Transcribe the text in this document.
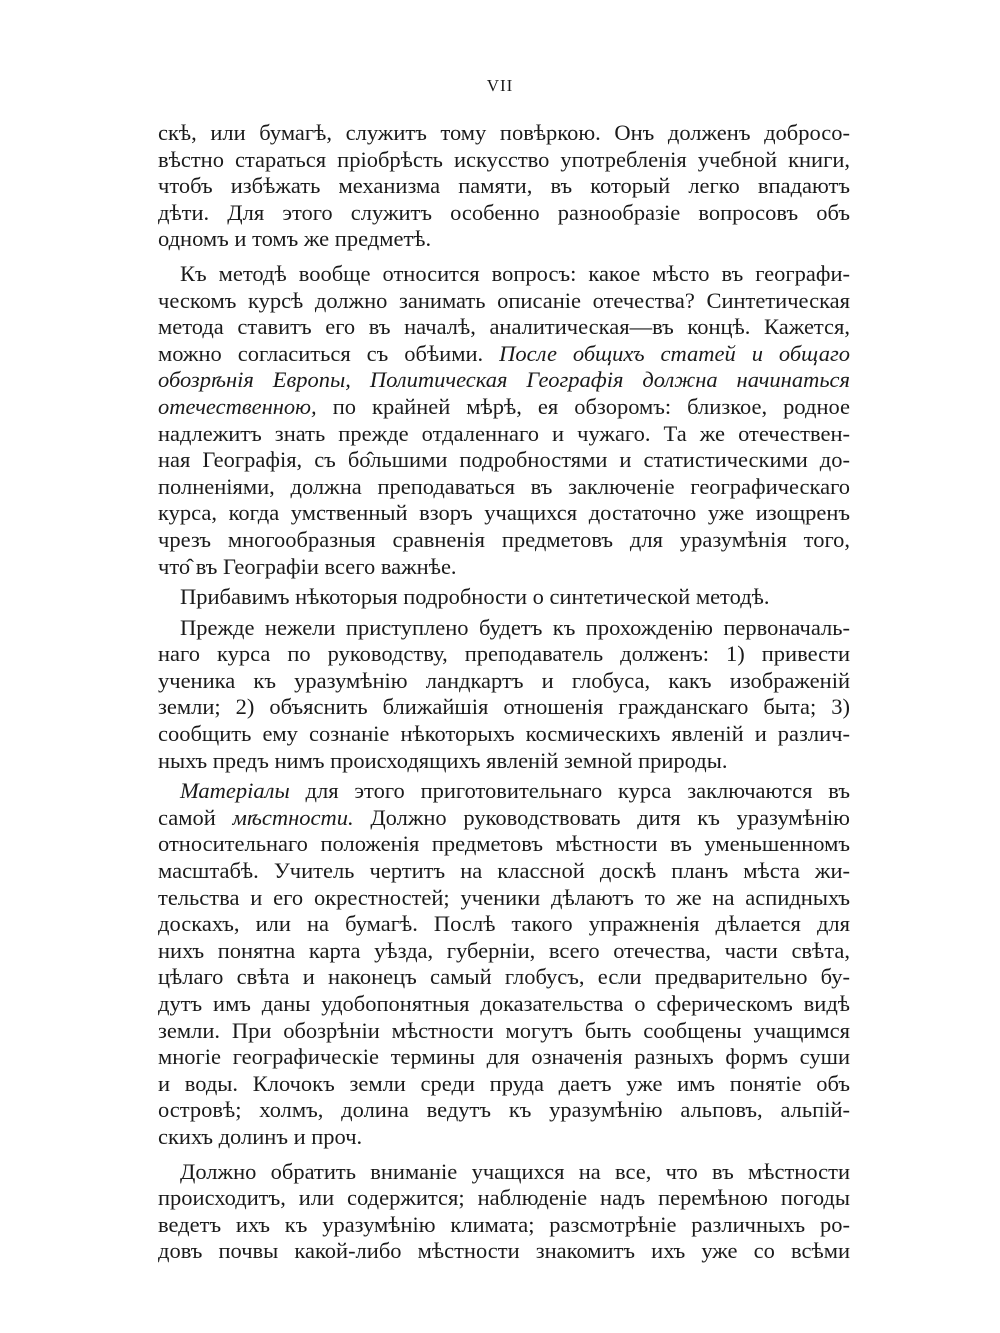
VII
скѣ, или бумагѣ, служитъ тому повѣркою. Онъ долженъ добросо-
вѣстно стараться пріобрѣсть искусство употребленія учебной книги,
чтобъ избѣжать механизма памяти, въ который легко впадаютъ
дѣти. Для этого служитъ особенно разнообразіе вопросовъ объ
одномъ и томъ же предметѣ.
Къ методѣ вообще относится вопросъ: какое мѣсто въ географи-
ческомъ курсѣ должно занимать описаніе отечества? Синтетическая
метода ставитъ его въ началѣ, аналитическая—въ концѣ. Кажется,
можно согласиться съ обѣими. После общихъ статей и общаго
обозрѣнія Европы, Политическая Географія должна начинаться
отечественною, по крайней мѣрѣ, ея обзоромъ: близкое, родное
надлежитъ знать прежде отдаленнаго и чужаго. Та же отечествен-
ная Географія, съ бо̂льшими подробностями и статистическими до-
полненіями, должна преподаваться въ заключеніе географическаго
курса, когда умственный взоръ учащихся достаточно уже изощренъ
чрезъ многообразныя сравненія предметовъ для уразумѣнія того,
что̂ въ Географіи всего важнѣе.
Прибавимъ нѣкоторыя подробности о синтетической методѣ.
Прежде нежели приступлено будетъ къ прохожденію первоначаль-
наго курса по руководству, преподаватель долженъ: 1) привести
ученика къ уразумѣнію ландкартъ и глобуса, какъ изображеній
земли; 2) объяснить ближайшія отношенія гражданскаго быта; 3)
сообщить ему сознаніе нѣкоторыхъ космическихъ явленій и различ-
ныхъ предъ нимъ происходящихъ явленій земной природы.
Матеріалы для этого приготовительнаго курса заключаются въ
самой мѣстности. Должно руководствовать дитя къ уразумѣнію
относительнаго положенія предметовъ мѣстности въ уменьшенномъ
масштабѣ. Учитель чертитъ на классной доскѣ планъ мѣста жи-
тельства и его окрестностей; ученики дѣлаютъ то же на аспидныхъ
доскахъ, или на бумагѣ. Послѣ такого упражненія дѣлается для
нихъ понятна карта уѣзда, губерніи, всего отечества, части свѣта,
цѣлаго свѣта и наконецъ самый глобусъ, если предварительно бу-
дутъ имъ даны удобопонятныя доказательства о сферическомъ видѣ
земли. При обозрѣніи мѣстности могутъ быть сообщены учащимся
многіе географическіе термины для означенія разныхъ формъ суши
и воды. Клочокъ земли среди пруда даетъ уже имъ понятіе объ
островѣ; холмъ, долина ведутъ къ уразумѣнію альповъ, альпій-
скихъ долинъ и проч.
Должно обратить вниманіе учащихся на все, что въ мѣстности
происходитъ, или содержится; наблюденіе надъ перемѣною погоды
ведетъ ихъ къ уразумѣнію климата; разсмотрѣніе различныхъ ро-
довъ почвы какой-либо мѣстности знакомитъ ихъ уже со всѣми
